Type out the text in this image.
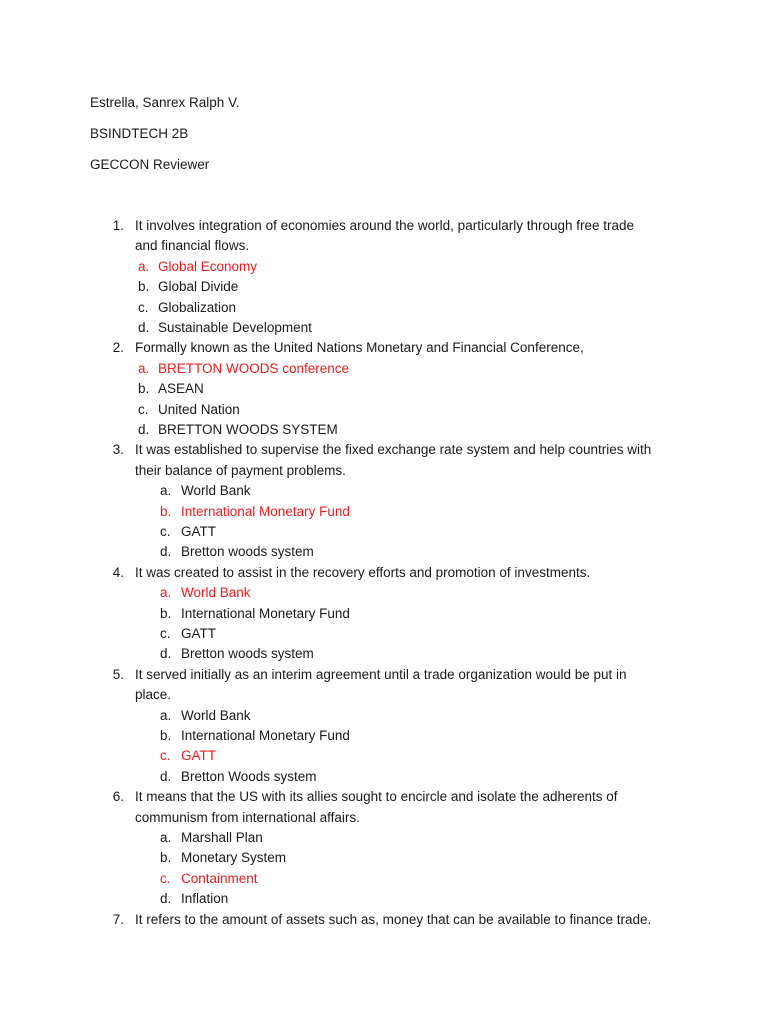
Estrella, Sanrex Ralph V.
BSINDTECH 2B
GECCON Reviewer
1. It involves integration of economies around the world, particularly through free trade
and financial flows.
a. Global Economy
b. Global Divide
c. Globalization
d. Sustainable Development
2. Formally known as the United Nations Monetary and Financial Conference,
a. BRETTON WOODS conference
b. ASEAN
c. United Nation
d. BRETTON WOODS SYSTEM
3. It was established to supervise the fixed exchange rate system and help countries with
their balance of payment problems.
a. World Bank
b. International Monetary Fund
c. GATT
d. Bretton woods system
4. It was created to assist in the recovery efforts and promotion of investments.
a. World Bank
b. International Monetary Fund
c. GATT
d. Bretton woods system
5. It served initially as an interim agreement until a trade organization would be put in
place.
a. World Bank
b. International Monetary Fund
c. GATT
d. Bretton Woods system
6. It means that the US with its allies sought to encircle and isolate the adherents of
communism from international affairs.
a. Marshall Plan
b. Monetary System
c. Containment
d. Inflation
7. It refers to the amount of assets such as, money that can be available to finance trade.
